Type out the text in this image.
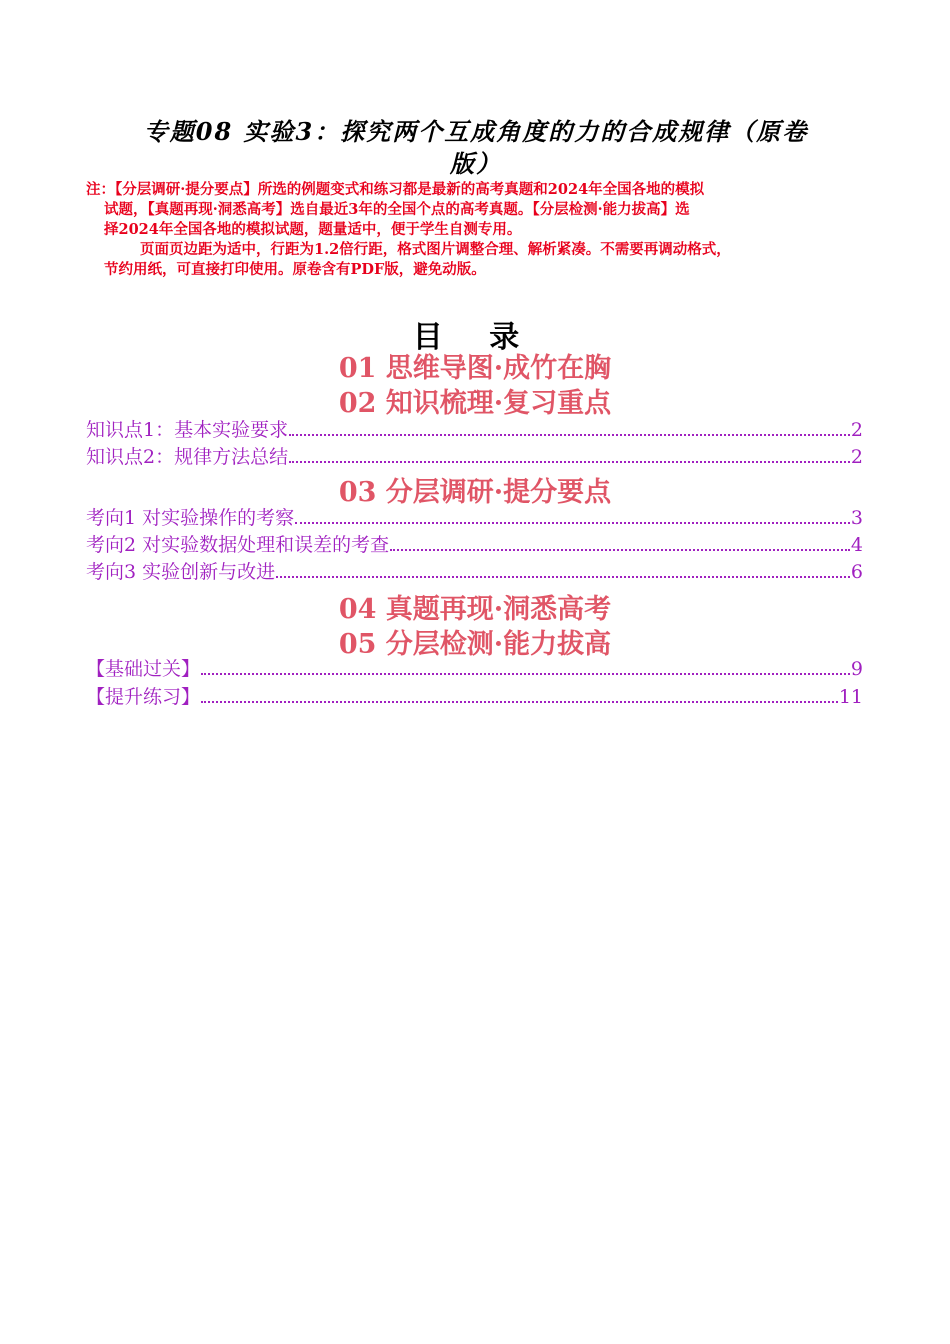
专题08 实验3：探究两个互成角度的力的合成规律（原卷
版）

注：【分层调研·提分要点】所选的例题变式和练习都是最新的高考真题和2024年全国各地的模拟

试题，【真题再现·洞悉高考】选自最近3年的全国个点的高考真题。【分层检测·能力拔高】选

择2024年全国各地的模拟试题，题量适中，便于学生自测专用。

页面页边距为适中，行距为1.2倍行距，格式图片调整合理、解析紧凑。不需要再调动格式，

节约用纸，可直接打印使用。原卷含有PDF版，避免动版。

目 录
01 思维导图·成竹在胸
02 知识梳理·复习重点
知识点1：基本实验要求	2
知识点2：规律方法总结	2
03 分层调研·提分要点
考向1 对实验操作的考察	3
考向2 对实验数据处理和误差的考查	4
考向3 实验创新与改进	6
04 真题再现·洞悉高考
05 分层检测·能力拔高
【基础过关】	9
【提升练习】	11
